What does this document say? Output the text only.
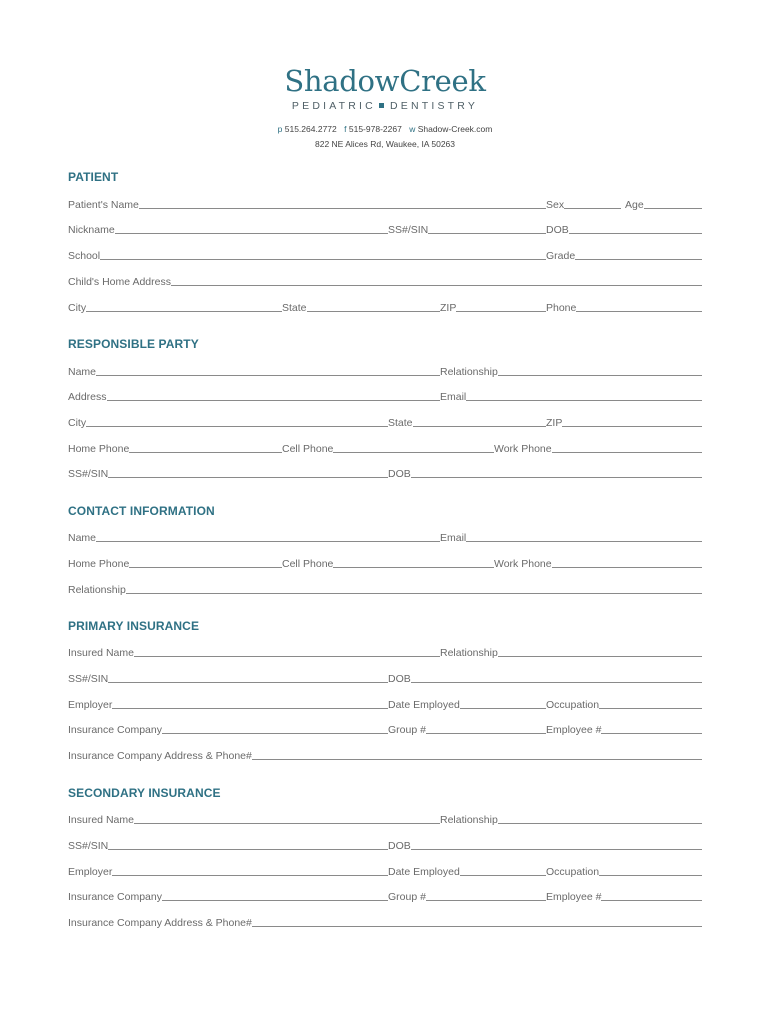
ShadowCreek
PEDIATRIC DENTISTRY
p 515.264.2772 f 515-978-2267 w Shadow-Creek.com
822 NE Alices Rd, Waukee, IA 50263
PATIENT
Patient's Name	Sex	Age
Nickname	SS#/SIN	DOB
School	Grade
Child's Home Address
City	State	ZIP	Phone
RESPONSIBLE PARTY
Name	Relationship
Address	Email
City	State	ZIP
Home Phone	Cell Phone	Work Phone
SS#/SIN	DOB
CONTACT INFORMATION
Name	Email
Home Phone	Cell Phone	Work Phone
Relationship
PRIMARY INSURANCE
Insured Name	Relationship
SS#/SIN	DOB
Employer	Date Employed	Occupation
Insurance Company	Group #	Employee #
Insurance Company Address & Phone#
SECONDARY INSURANCE
Insured Name	Relationship
SS#/SIN	DOB
Employer	Date Employed	Occupation
Insurance Company	Group #	Employee #
Insurance Company Address & Phone#
